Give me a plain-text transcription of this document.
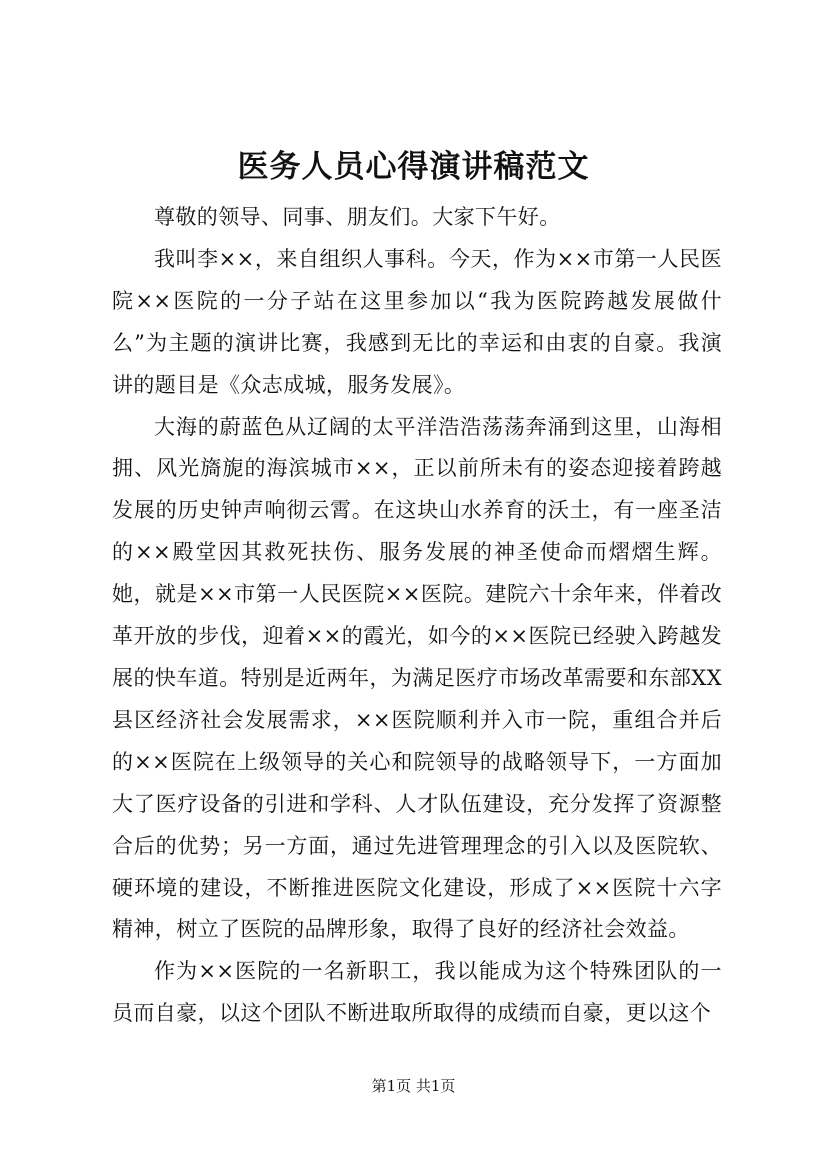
医务人员心得演讲稿范文

尊敬的领导、同事、朋友们。大家下午好。

我叫李××，来自组织人事科。今天，作为××市第一人民医院××医院的一分子站在这里参加以“我为医院跨越发展做什么”为主题的演讲比赛，我感到无比的幸运和由衷的自豪。我演讲的题目是《众志成城，服务发展》。

大海的蔚蓝色从辽阔的太平洋浩浩荡荡奔涌到这里，山海相拥、风光旖旎的海滨城市××，正以前所未有的姿态迎接着跨越发展的历史钟声响彻云霄。在这块山水养育的沃土，有一座圣洁的××殿堂因其救死扶伤、服务发展的神圣使命而熠熠生辉。她，就是××市第一人民医院××医院。建院六十余年来，伴着改革开放的步伐，迎着××的霞光，如今的××医院已经驶入跨越发展的快车道。特别是近两年，为满足医疗市场改革需要和东部XX县区经济社会发展需求，××医院顺利并入市一院，重组合并后的××医院在上级领导的关心和院领导的战略领导下，一方面加大了医疗设备的引进和学科、人才队伍建设，充分发挥了资源整合后的优势；另一方面，通过先进管理理念的引入以及医院软、硬环境的建设，不断推进医院文化建设，形成了××医院十六字精神，树立了医院的品牌形象，取得了良好的经济社会效益。

作为××医院的一名新职工，我以能成为这个特殊团队的一员而自豪，以这个团队不断进取所取得的成绩而自豪，更以这个

第1页 共1页
